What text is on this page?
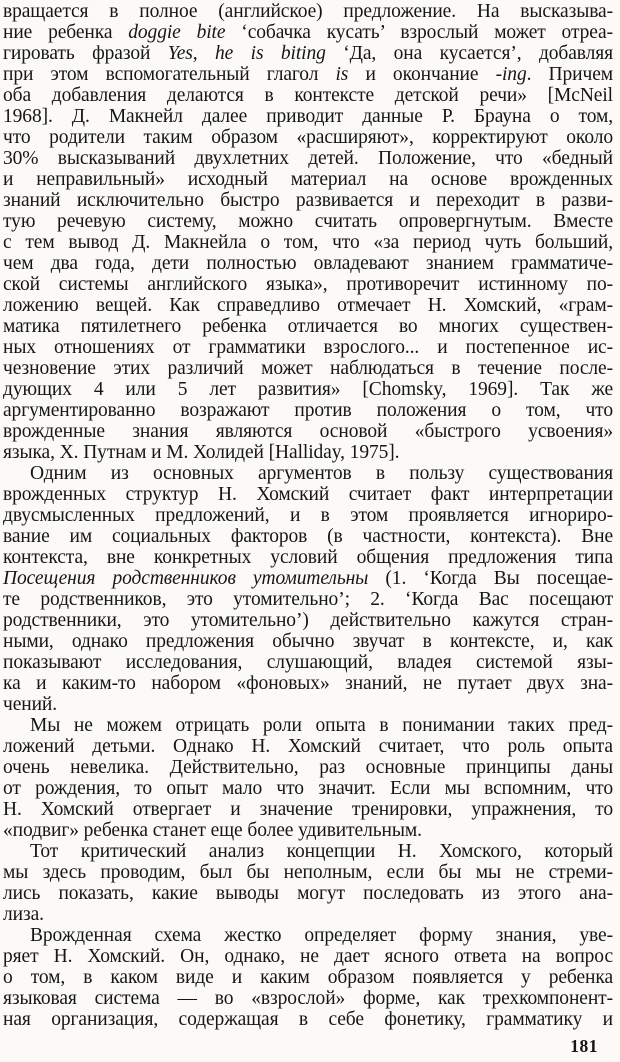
вращается в полное (английское) предложение. На высказыва-
ние ребенка doggie bite ‘собачка кусать’ взрослый может отреа-
гировать фразой Yes, he is biting ‘Да, она кусается’, добавляя
при этом вспомогательный глагол is и окончание -ing. Причем
оба добавления делаются в контексте детской речи» [McNeil
1968]. Д. Макнейл далее приводит данные Р. Брауна о том,
что родители таким образом «расширяют», корректируют около
30% высказываний двухлетних детей. Положение, что «бедный
и неправильный» исходный материал на основе врожденных
знаний исключительно быстро развивается и переходит в разви-
тую речевую систему, можно считать опровергнутым. Вместе
с тем вывод Д. Макнейла о том, что «за период чуть больший,
чем два года, дети полностью овладевают знанием грамматиче-
ской системы английского языка», противоречит истинному по-
ложению вещей. Как справедливо отмечает Н. Хомский, «грам-
матика пятилетнего ребенка отличается во многих существен-
ных отношениях от грамматики взрослого... и постепенное ис-
чезновение этих различий может наблюдаться в течение после-
дующих 4 или 5 лет развития» [Chomsky, 1969]. Так же
аргументированно возражают против положения о том, что
врожденные знания являются основой «быстрого усвоения»
языка, Х. Путнам и М. Холидей [Halliday, 1975].

Одним из основных аргументов в пользу существования
врожденных структур Н. Хомский считает факт интерпретации
двусмысленных предложений, и в этом проявляется игнориро-
вание им социальных факторов (в частности, контекста). Вне
контекста, вне конкретных условий общения предложения типа
Посещения родственников утомительны (1. ‘Когда Вы посещае-
те родственников, это утомительно’; 2. ‘Когда Вас посещают
родственники, это утомительно’) действительно кажутся стран-
ными, однако предложения обычно звучат в контексте, и, как
показывают исследования, слушающий, владея системой язы-
ка и каким-то набором «фоновых» знаний, не путает двух зна-
чений.

Мы не можем отрицать роли опыта в понимании таких пред-
ложений детьми. Однако Н. Хомский считает, что роль опыта
очень невелика. Действительно, раз основные принципы даны
от рождения, то опыт мало что значит. Если мы вспомним, что
Н. Хомский отвергает и значение тренировки, упражнения, то
«подвиг» ребенка станет еще более удивительным.

Тот критический анализ концепции Н. Хомского, который
мы здесь проводим, был бы неполным, если бы мы не стреми-
лись показать, какие выводы могут последовать из этого ана-
лиза.

Врожденная схема жестко определяет форму знания, уве-
ряет Н. Хомский. Он, однако, не дает ясного ответа на вопрос
о том, в каком виде и каким образом появляется у ребенка
языковая система — во «взрослой» форме, как трехкомпонент-
ная организация, содержащая в себе фонетику, грамматику и

181
